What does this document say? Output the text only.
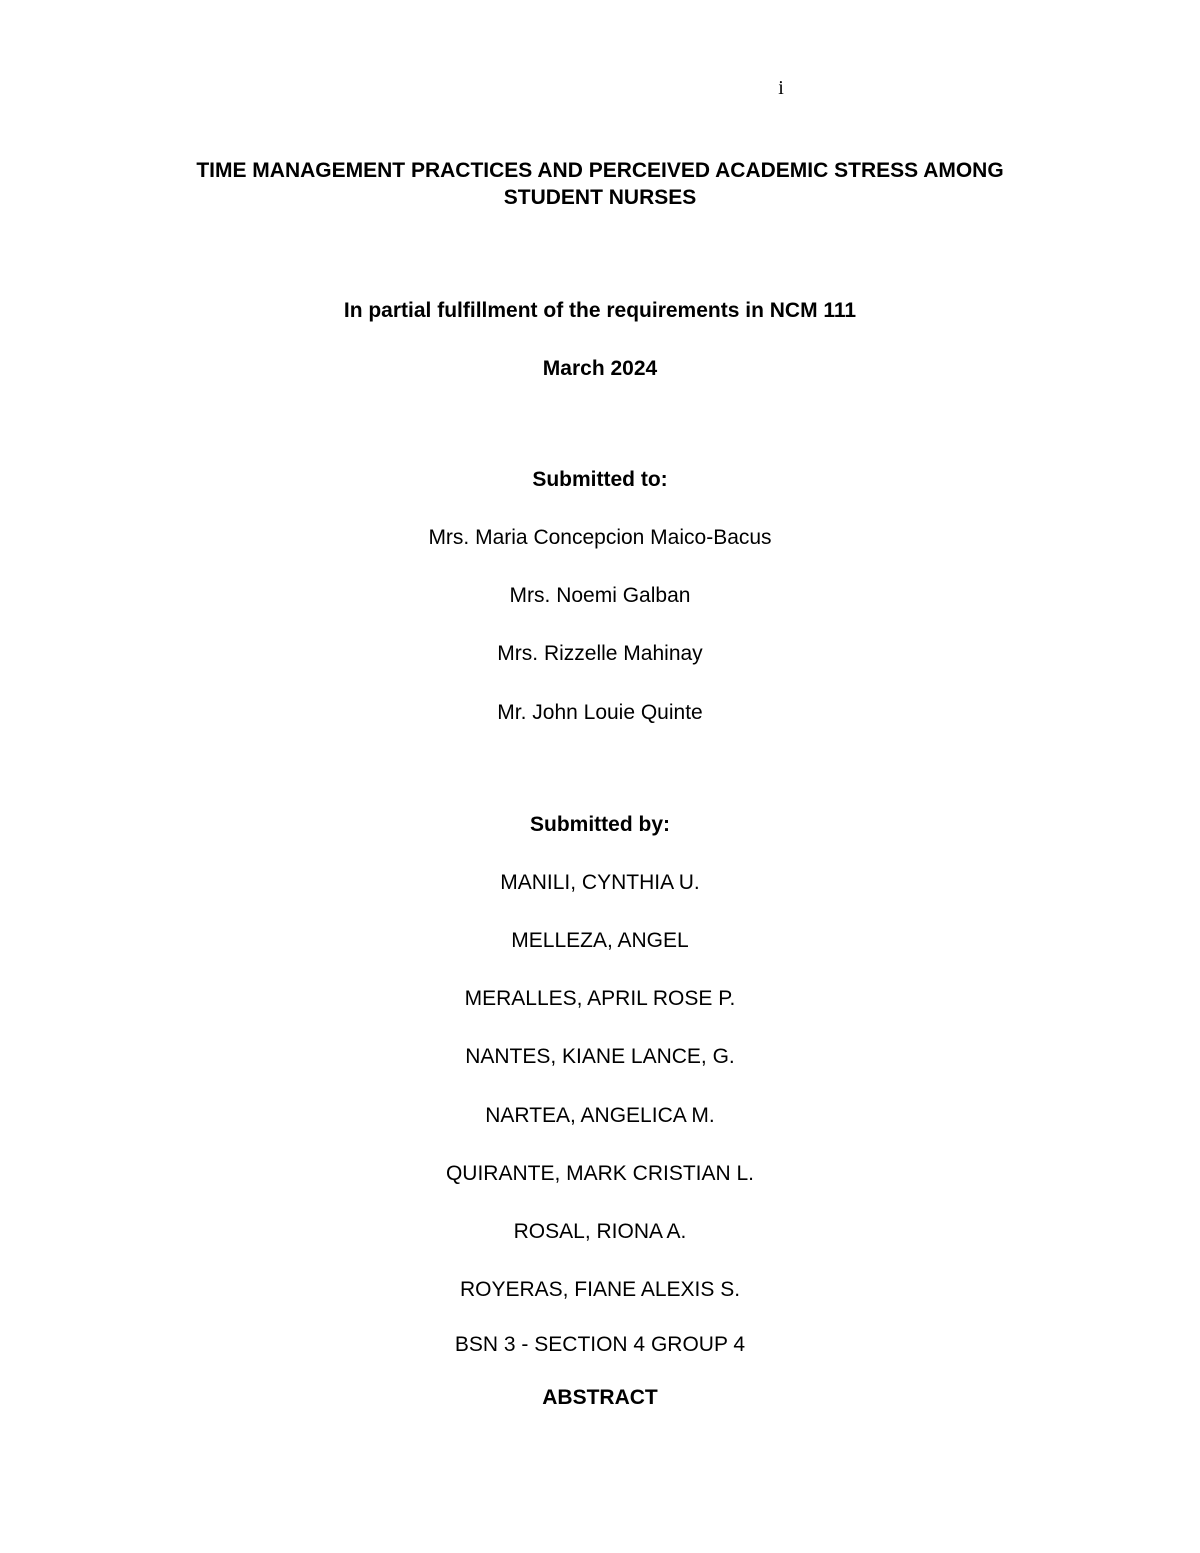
i
TIME MANAGEMENT PRACTICES AND PERCEIVED ACADEMIC STRESS AMONG
STUDENT NURSES
In partial fulfillment of the requirements in NCM 111
March 2024
Submitted to:
Mrs. Maria Concepcion Maico-Bacus
Mrs. Noemi Galban
Mrs. Rizzelle Mahinay
Mr. John Louie Quinte
Submitted by:
MANILI, CYNTHIA U.
MELLEZA, ANGEL
MERALLES, APRIL ROSE P.
NANTES, KIANE LANCE, G.
NARTEA, ANGELICA M.
QUIRANTE, MARK CRISTIAN L.
ROSAL, RIONA A.
ROYERAS, FIANE ALEXIS S.
BSN 3 - SECTION 4 GROUP 4
ABSTRACT
